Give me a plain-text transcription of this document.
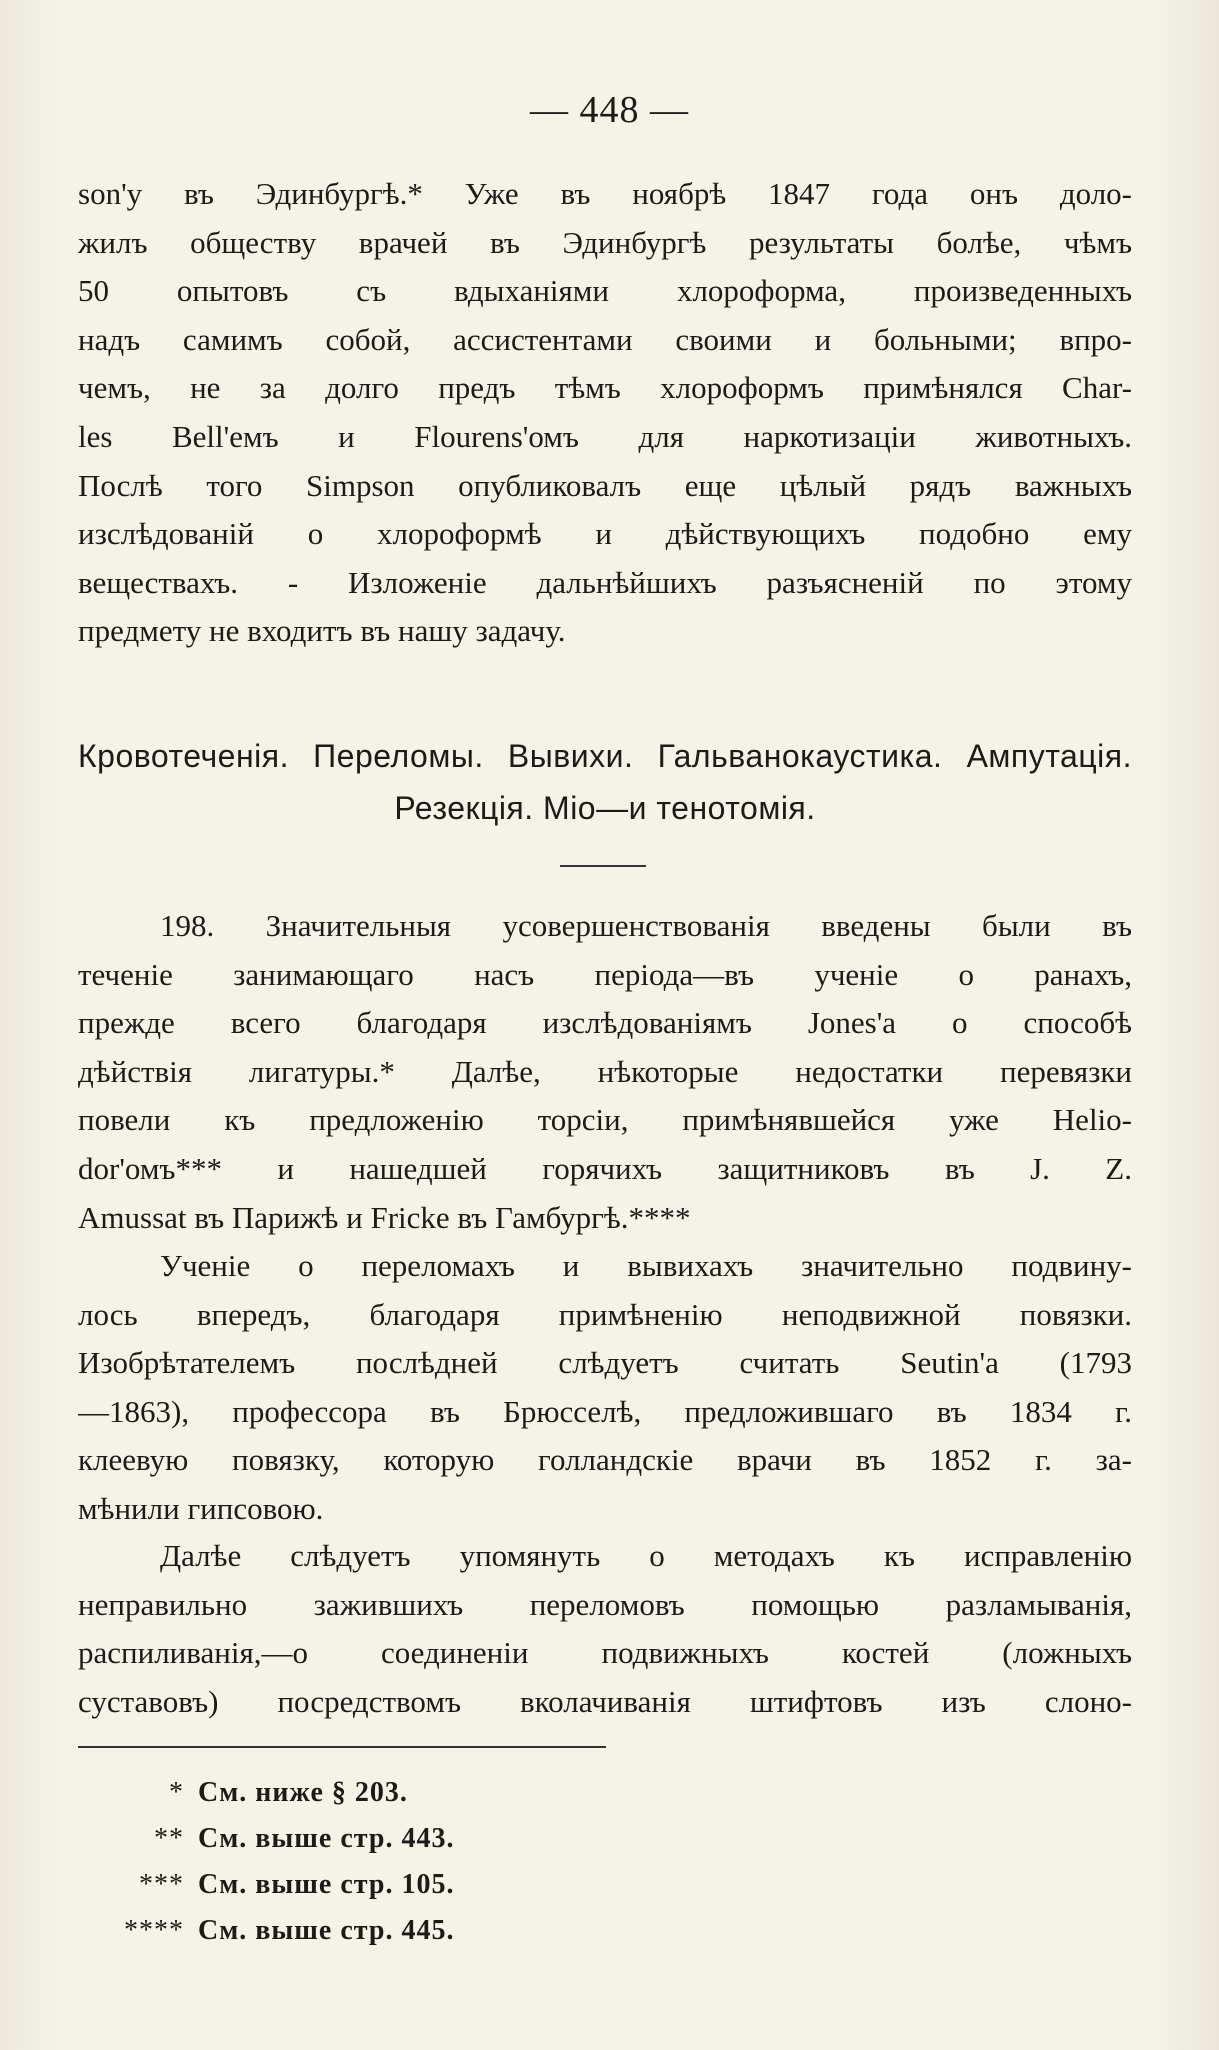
— 448 —
son'у въ Эдинбургѣ.* Уже въ ноябрѣ 1847 года онъ доло-
жилъ обществу врачей въ Эдинбургѣ результаты болѣе, чѣмъ
50 опытовъ съ вдыханiями хлороформа, произведенныхъ
надъ самимъ собой, ассистентами своими и больными; впро-
чемъ, не за долго предъ тѣмъ хлороформъ примѣнялся Char-
les Bell'емъ и Flourens'омъ для наркотизацiи животныхъ.
Послѣ того Simpson опубликовалъ еще цѣлый рядъ важныхъ
изслѣдованiй о хлороформѣ и дѣйствующихъ подобно ему
веществахъ. - Изложенiе дальнѣйшихъ разъясненiй по этому
предмету не входитъ въ нашу задачу.
Кровотеченiя. Переломы. Вывихи. Гальванокаустика. Ампутацiя.
Резекцiя. Мiо—и тенотомiя.
198. Значительныя усовершенствованiя введены были въ
теченiе занимающаго насъ перiода—въ ученiе о ранахъ,
прежде всего благодаря изслѣдованiямъ Jones'a о способѣ
дѣйствiя лигатуры.* Далѣе, нѣкоторые недостатки перевязки
повели къ предложенiю торсiи, примѣнявшейся уже Helio-
dor'омъ*** и нашедшей горячихъ защитниковъ въ J. Z.
Amussat въ Парижѣ и Fricke въ Гамбургѣ.****
Ученiе о переломахъ и вывихахъ значительно подвину-
лось впередъ, благодаря примѣненiю неподвижной повязки.
Изобрѣтателемъ послѣдней слѣдуетъ считать Seutin'a (1793
—1863), профессора въ Брюсселѣ, предложившаго въ 1834 г.
клеевую повязку, которую голландскiе врачи въ 1852 г. за-
мѣнили гипсовою.
Далѣе слѣдуетъ упомянуть о методахъ къ исправленiю
неправильно зажившихъ переломовъ помощью разламыванiя,
распиливанiя,—о соединенiи подвижныхъ костей (ложныхъ
суставовъ) посредствомъ вколачиванiя штифтовъ изъ слоно-
* См. ниже § 203.
** См. выше стр. 443.
*** См. выше стр. 105.
**** См. выше стр. 445.
